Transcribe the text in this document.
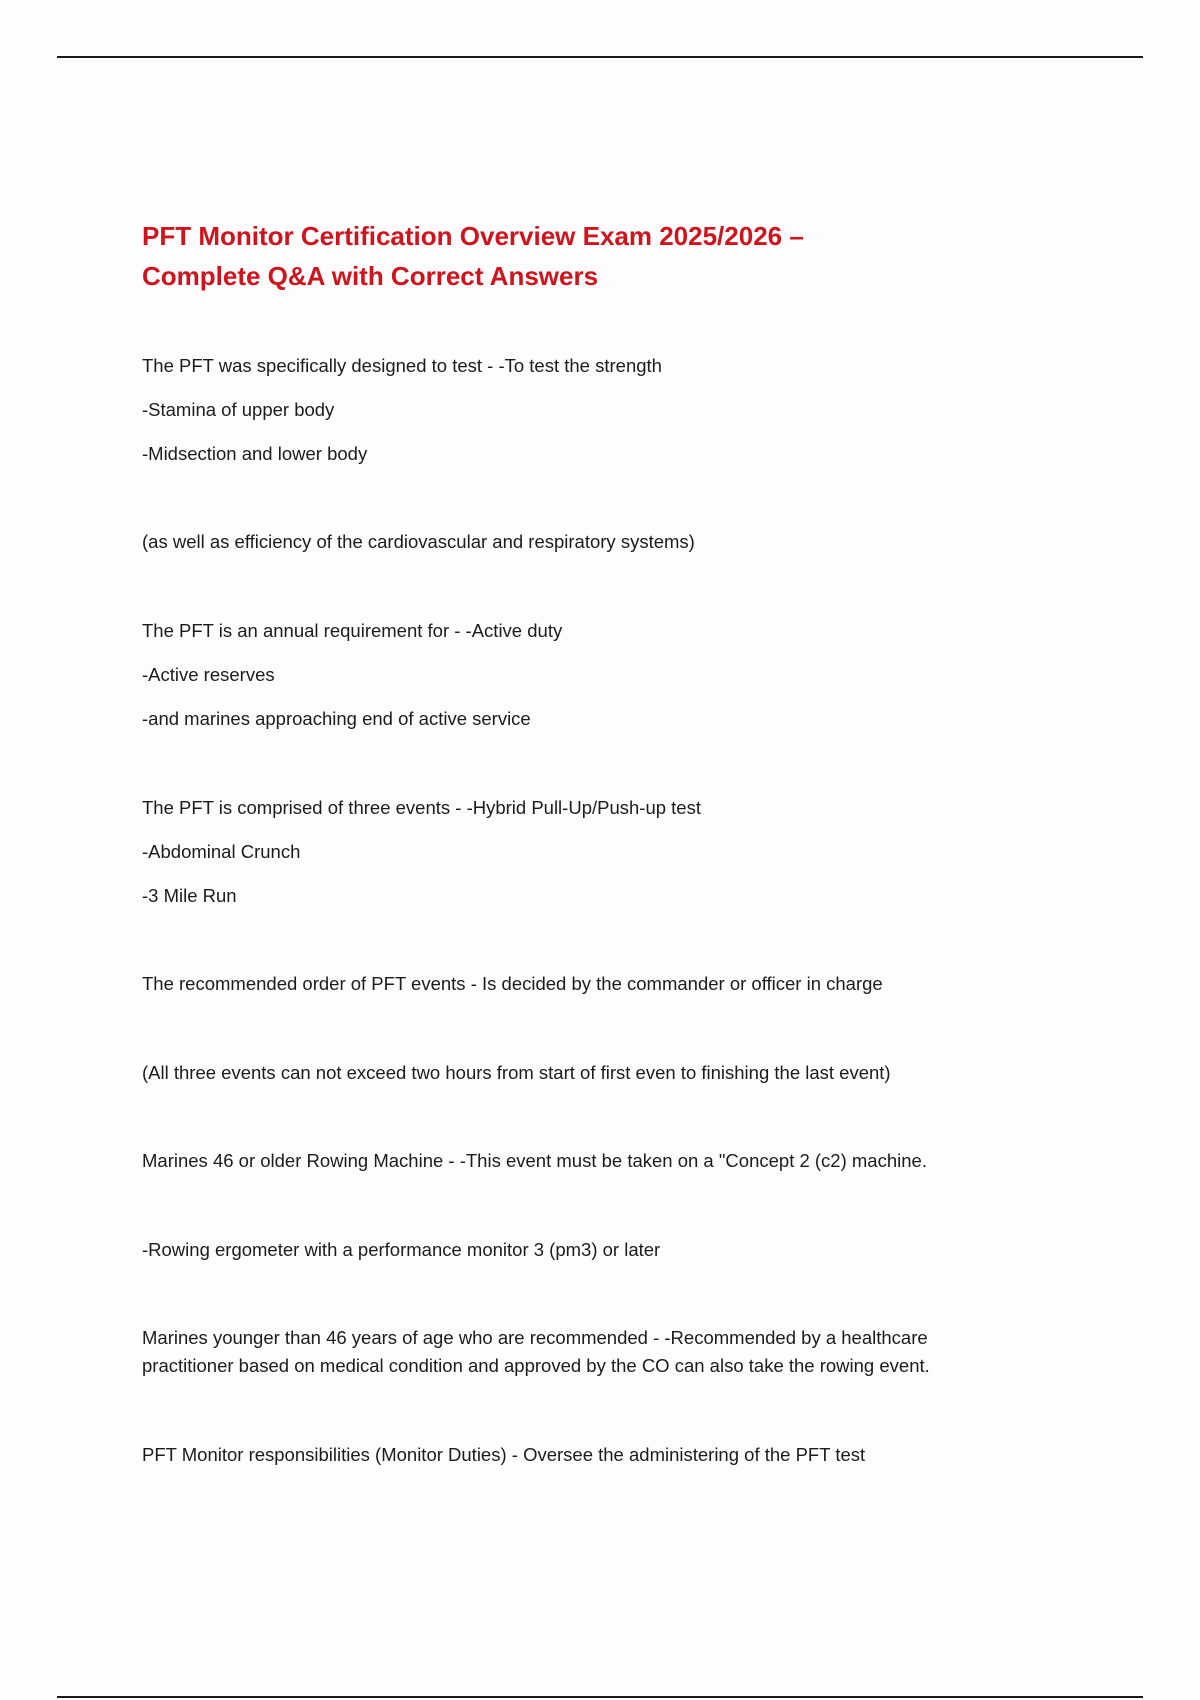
PFT Monitor Certification Overview Exam 2025/2026 –
Complete Q&A with Correct Answers

The PFT was specifically designed to test - -To test the strength

-Stamina of upper body

-Midsection and lower body

(as well as efficiency of the cardiovascular and respiratory systems)

The PFT is an annual requirement for - -Active duty

-Active reserves

-and marines approaching end of active service

The PFT is comprised of three events - -Hybrid Pull-Up/Push-up test

-Abdominal Crunch

-3 Mile Run

The recommended order of PFT events - Is decided by the commander or officer in charge

(All three events can not exceed two hours from start of first even to finishing the last event)

Marines 46 or older Rowing Machine - -This event must be taken on a "Concept 2 (c2) machine.

-Rowing ergometer with a performance monitor 3 (pm3) or later

Marines younger than 46 years of age who are recommended - -Recommended by a healthcare

practitioner based on medical condition and approved by the CO can also take the rowing event.

PFT Monitor responsibilities (Monitor Duties) - Oversee the administering of the PFT test
